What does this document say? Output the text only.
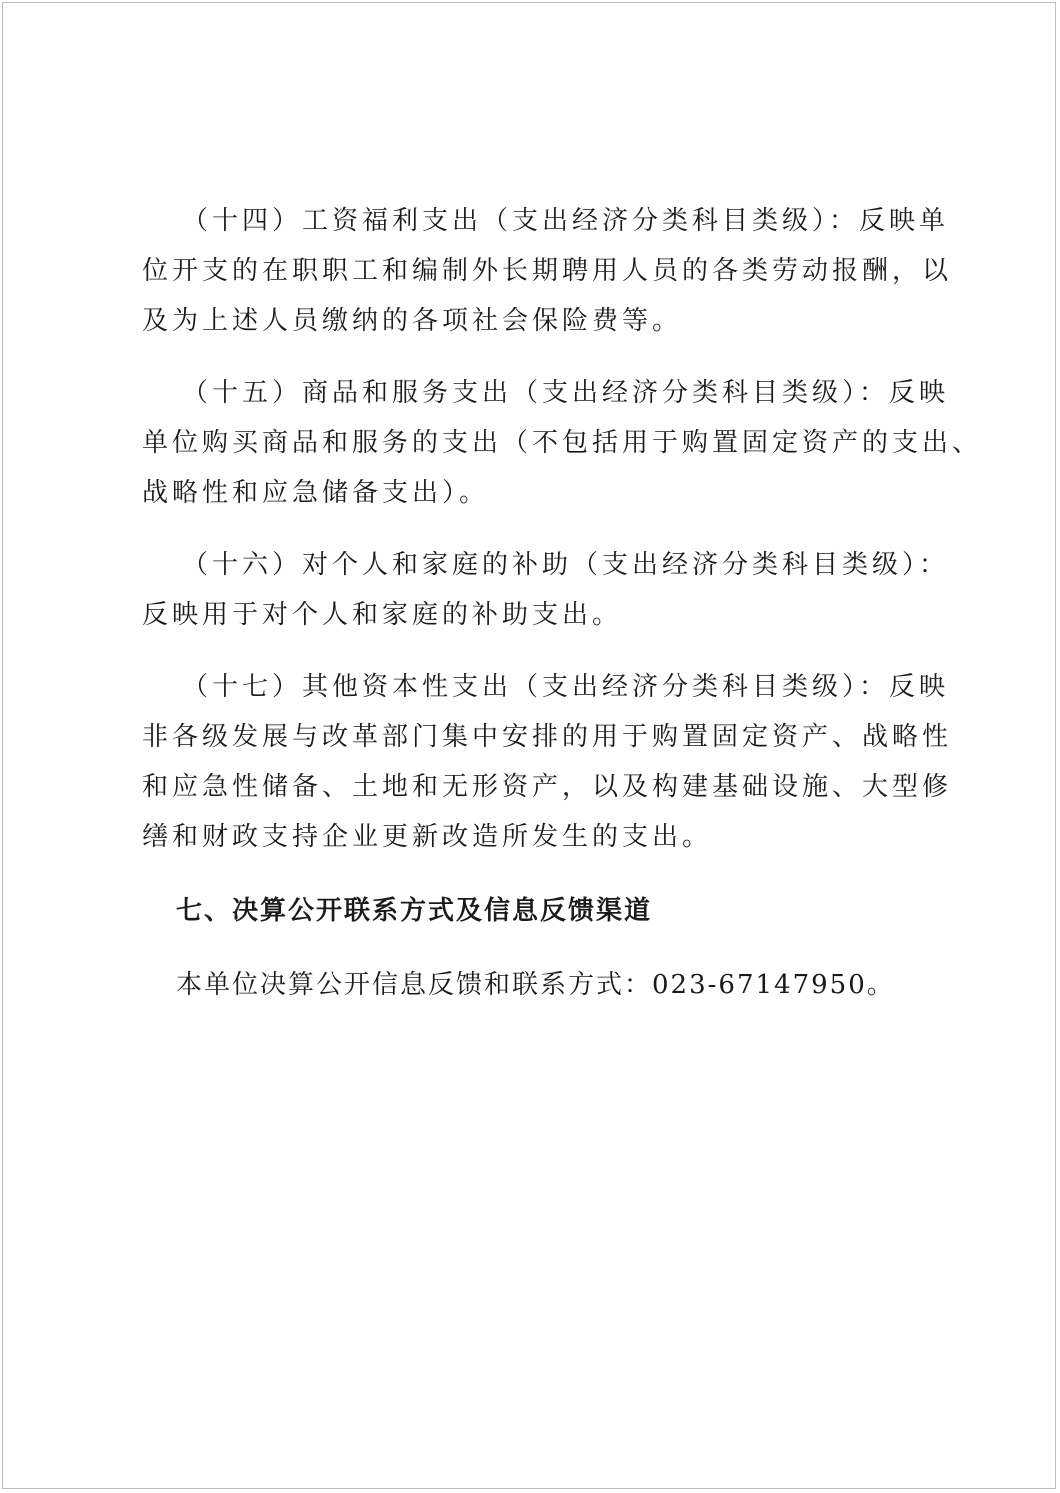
（十四）工资福利支出（支出经济分类科目类级）：反映单
位开支的在职职工和编制外长期聘用人员的各类劳动报酬，以
及为上述人员缴纳的各项社会保险费等。
（十五）商品和服务支出（支出经济分类科目类级）：反映
单位购买商品和服务的支出（不包括用于购置固定资产的支出、
战略性和应急储备支出）。
（十六）对个人和家庭的补助（支出经济分类科目类级）：
反映用于对个人和家庭的补助支出。
（十七）其他资本性支出（支出经济分类科目类级）：反映
非各级发展与改革部门集中安排的用于购置固定资产、战略性
和应急性储备、土地和无形资产，以及构建基础设施、大型修
缮和财政支持企业更新改造所发生的支出。
七、决算公开联系方式及信息反馈渠道
本单位决算公开信息反馈和联系方式：023-67147950。
